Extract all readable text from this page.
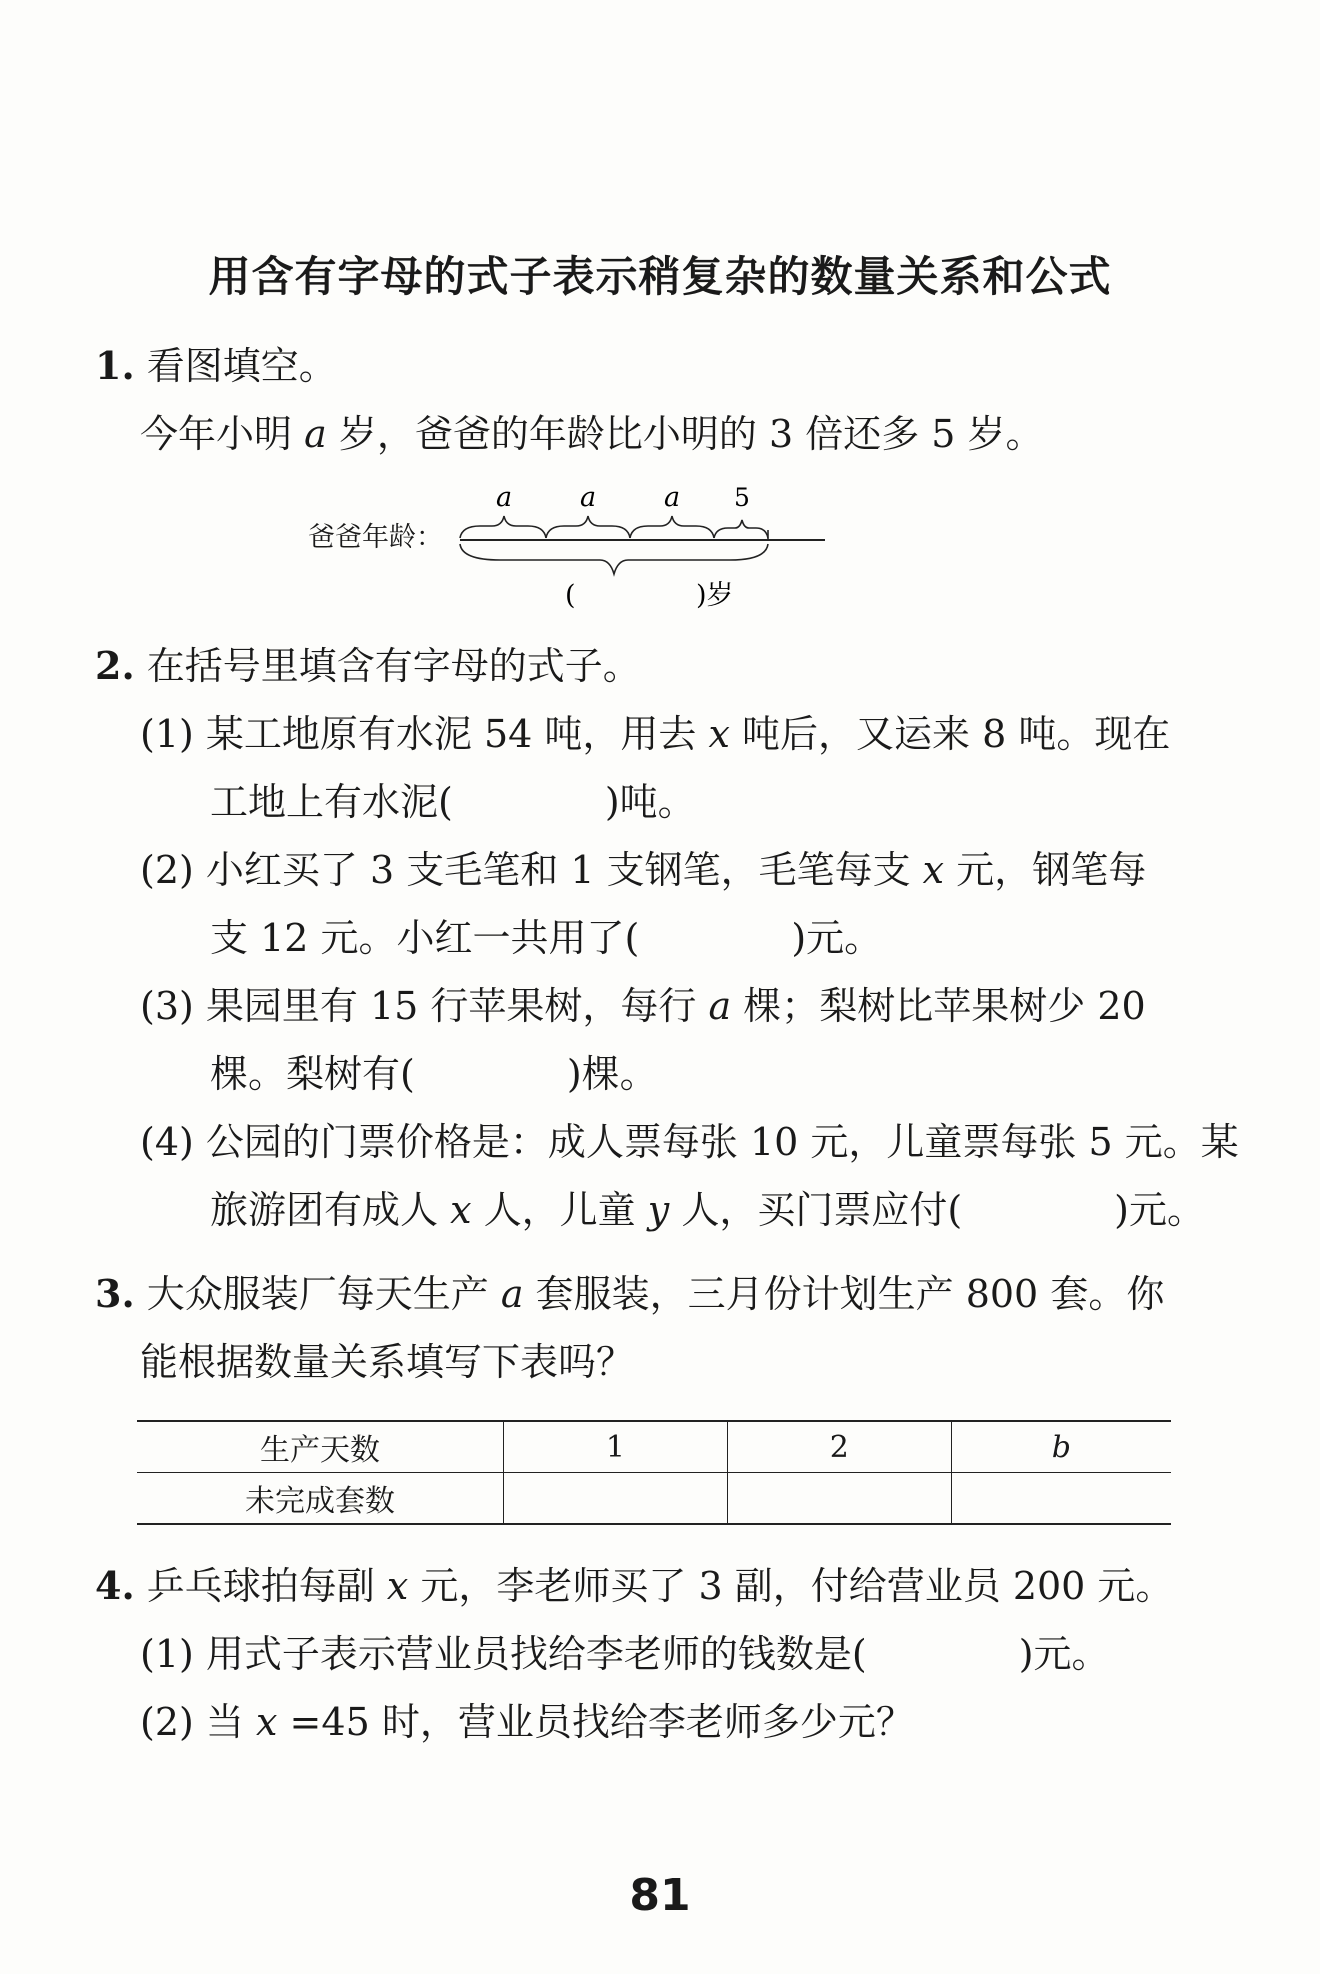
用含有字母的式子表示稍复杂的数量关系和公式
1. 看图填空。
今年小明 a 岁，爸爸的年龄比小明的 3 倍还多 5 岁。
爸爸年龄：
a	a	a 5
(	)岁
2. 在括号里填含有字母的式子。
(1) 某工地原有水泥 54 吨，用去 x 吨后，又运来 8 吨。现在
工地上有水泥(　　　　)吨。
(2) 小红买了 3 支毛笔和 1 支钢笔，毛笔每支 x 元，钢笔每
支 12 元。小红一共用了(　　　　)元。
(3) 果园里有 15 行苹果树，每行 a 棵；梨树比苹果树少 20
棵。梨树有(　　　　)棵。
(4) 公园的门票价格是：成人票每张 10 元，儿童票每张 5 元。某
旅游团有成人 x 人，儿童 y 人，买门票应付(　　　　)元。
3. 大众服装厂每天生产 a 套服装，三月份计划生产 800 套。你
能根据数量关系填写下表吗？
生产天数	1	2	b
未完成套数			
4. 乒乓球拍每副 x 元，李老师买了 3 副，付给营业员 200 元。
(1) 用式子表示营业员找给李老师的钱数是(　　　　)元。
(2) 当 x =45 时，营业员找给李老师多少元？
81
